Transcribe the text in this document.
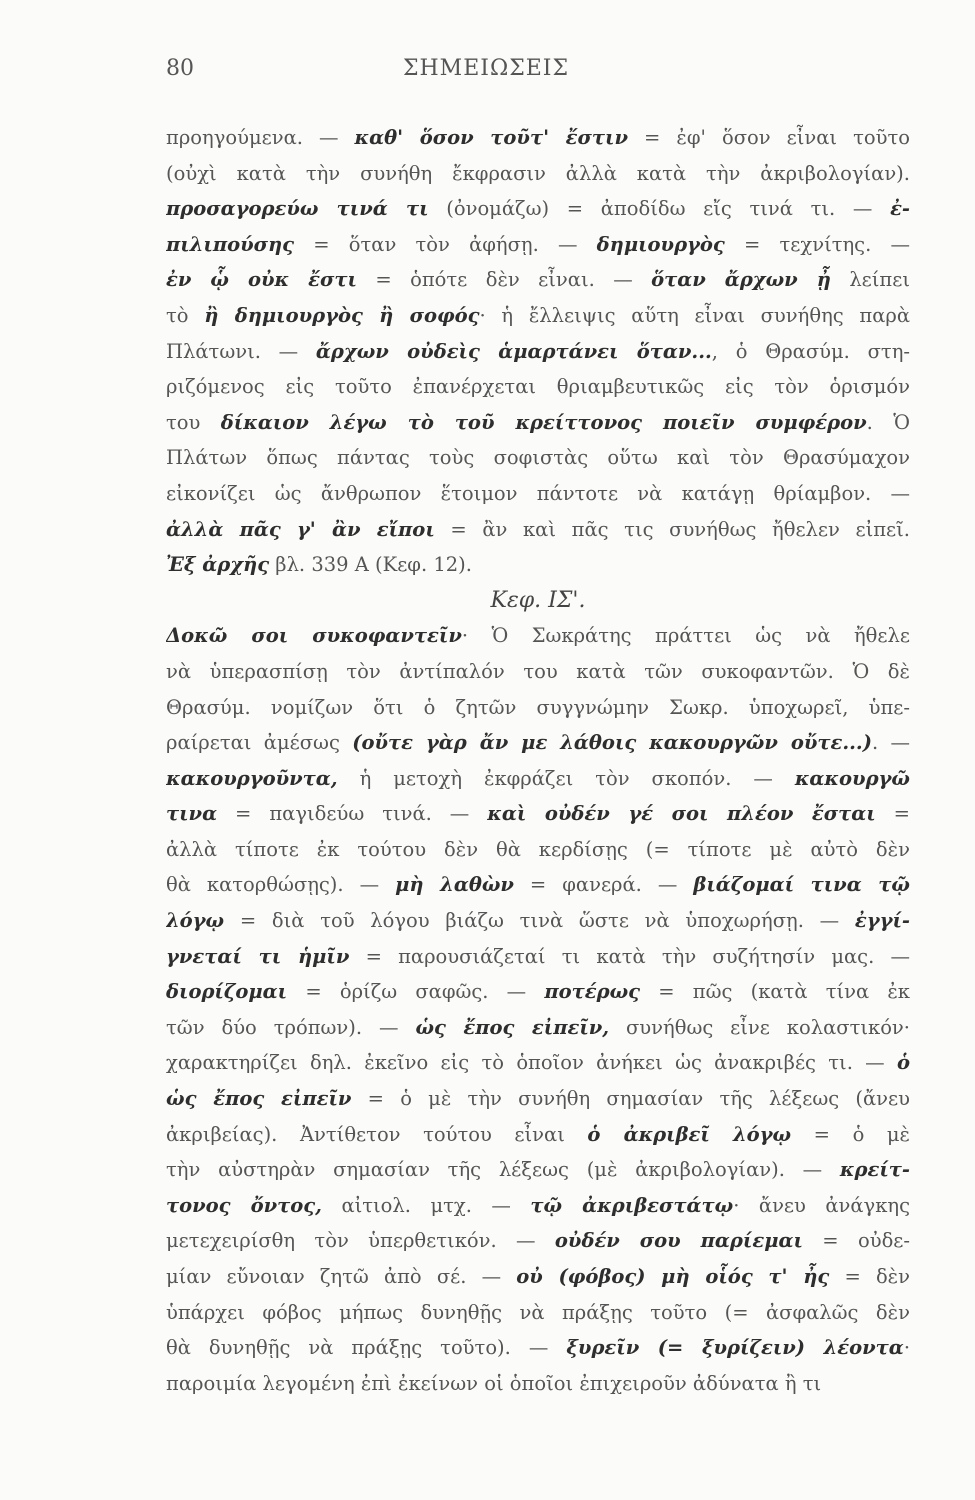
80	ΣΗΜΕΙΩΣΕΙΣ
προηγούμενα. — καθ' ὅσον τοῦτ' ἔστιν = ἐφ' ὅσον εἶναι τοῦτο
(οὐχὶ κατὰ τὴν συνήθη ἔκφρασιν ἀλλὰ κατὰ τὴν ἀκριβολογίαν).
προσαγορεύω τινά τι (ὀνομάζω) = ἀποδίδω εἴς τινά τι. — ἐ-
πιλιπούσης = ὅταν τὸν ἀφήσῃ. — δημιουργὸς = τεχνίτης. —
ἐν ᾧ οὐκ ἔστι = ὁπότε δὲν εἶναι. — ὅταν ἄρχων ᾖ λείπει
τὸ ἢ δημιουργὸς ἢ σοφός· ἡ ἔλλειψις αὕτη εἶναι συνήθης παρὰ
Πλάτωνι. — ἄρχων οὐδεὶς ἁμαρτάνει ὅταν..., ὁ Θρασύμ. στη-
ριζόμενος εἰς τοῦτο ἐπανέρχεται θριαμβευτικῶς εἰς τὸν ὁρισμόν
του δίκαιον λέγω τὸ τοῦ κρείττονος ποιεῖν συμφέρον. Ὁ
Πλάτων ὅπως πάντας τοὺς σοφιστὰς οὕτω καὶ τὸν Θρασύμαχον
εἰκονίζει ὡς ἄνθρωπον ἕτοιμον πάντοτε νὰ κατάγῃ θρίαμβον. —
ἀλλὰ πᾶς γ' ἂν εἴποι = ἂν καὶ πᾶς τις συνήθως ἤθελεν εἰπεῖ.
Ἐξ ἀρχῆς βλ. 339 Α (Κεφ. 12).
Κεφ. ΙΣ'.
Δοκῶ σοι συκοφαντεῖν· Ὁ Σωκράτης πράττει ὡς νὰ ἤθελε
νὰ ὑπερασπίσῃ τὸν ἀντίπαλόν του κατὰ τῶν συκοφαντῶν. Ὁ δὲ
Θρασύμ. νομίζων ὅτι ὁ ζητῶν συγγνώμην Σωκρ. ὑποχωρεῖ, ὑπε-
ραίρεται ἀμέσως (οὔτε γὰρ ἄν με λάθοις κακουργῶν οὔτε...). —
κακουργοῦντα, ἡ μετοχὴ ἐκφράζει τὸν σκοπόν. — κακουργῶ
τινα = παγιδεύω τινά. — καὶ οὐδέν γέ σοι πλέον ἔσται =
ἀλλὰ τίποτε ἐκ τούτου δὲν θὰ κερδίσῃς (= τίποτε μὲ αὐτὸ δὲν
θὰ κατορθώσῃς). — μὴ λαθὼν = φανερά. — βιάζομαί τινα τῷ
λόγῳ = διὰ τοῦ λόγου βιάζω τινὰ ὥστε νὰ ὑποχωρήσῃ. — ἐγγί-
γνεταί τι ἡμῖν = παρουσιάζεταί τι κατὰ τὴν συζήτησίν μας. —
διορίζομαι = ὁρίζω σαφῶς. — ποτέρως = πῶς (κατὰ τίνα ἐκ
τῶν δύο τρόπων). — ὡς ἔπος εἰπεῖν, συνήθως εἶνε κολαστικόν·
χαρακτηρίζει δηλ. ἐκεῖνο εἰς τὸ ὁποῖον ἀνήκει ὡς ἀνακριβές τι. — ὁ
ὡς ἔπος εἰπεῖν = ὁ μὲ τὴν συνήθη σημασίαν τῆς λέξεως (ἄνευ
ἀκριβείας). Ἀντίθετον τούτου εἶναι ὁ ἀκριβεῖ λόγῳ = ὁ μὲ
τὴν αὐστηρὰν σημασίαν τῆς λέξεως (μὲ ἀκριβολογίαν). — κρείτ-
τονος ὄντος, αἰτιολ. μτχ. — τῷ ἀκριβεστάτῳ· ἄνευ ἀνάγκης
μετεχειρίσθη τὸν ὑπερθετικόν. — οὐδέν σου παρίεμαι = οὐδε-
μίαν εὔνοιαν ζητῶ ἀπὸ σέ. — οὐ (φόβος) μὴ οἷός τ' ἦς = δὲν
ὑπάρχει φόβος μήπως δυνηθῇς νὰ πράξῃς τοῦτο (= ἀσφαλῶς δὲν
θὰ δυνηθῇς νὰ πράξῃς τοῦτο). — ξυρεῖν (= ξυρίζειν) λέοντα·
παροιμία λεγομένη ἐπὶ ἐκείνων οἱ ὁποῖοι ἐπιχειροῦν ἀδύνατα ἢ τι
